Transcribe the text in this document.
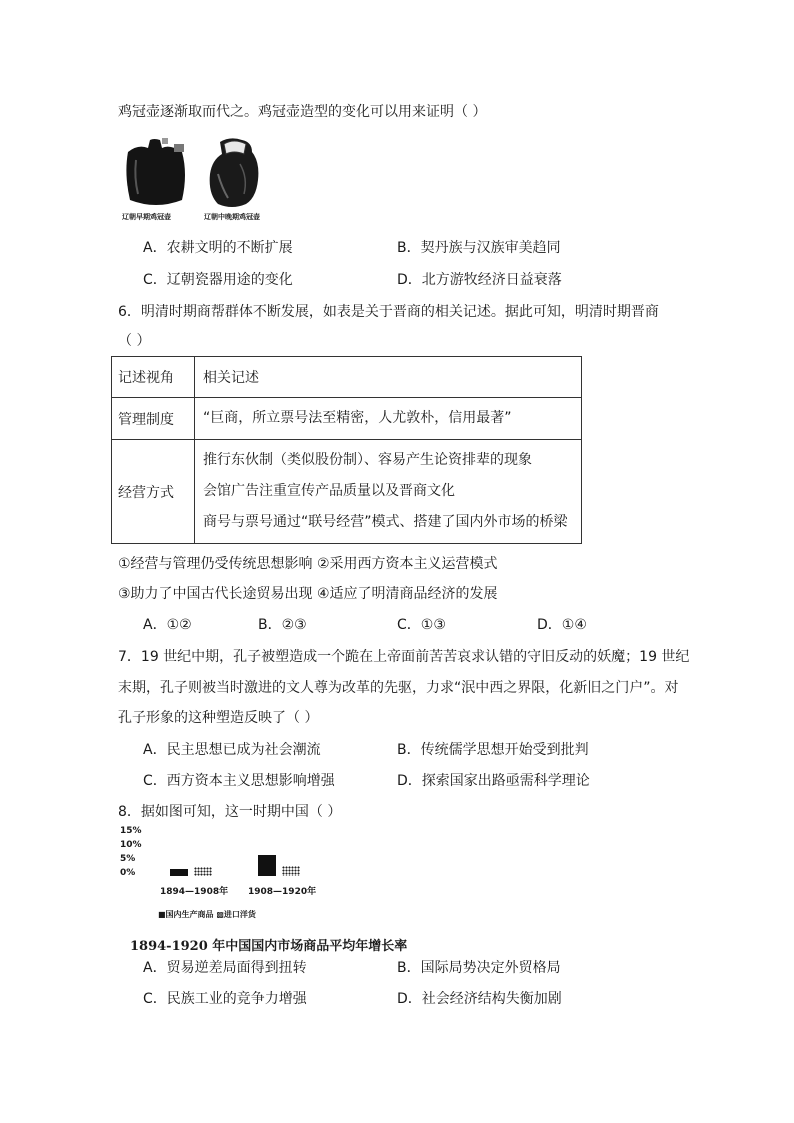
鸡冠壶逐渐取而代之。鸡冠壶造型的变化可以用来证明（ ）
辽朝早期鸡冠壶	辽朝中晚期鸡冠壶
A．农耕文明的不断扩展	B．契丹族与汉族审美趋同
C．辽朝瓷器用途的变化	D．北方游牧经济日益衰落
6．明清时期商帮群体不断发展，如表是关于晋商的相关记述。据此可知，明清时期晋商
（ ）
记述视角	相关记述
管理制度	“巨商，所立票号法至精密，人尤敦朴，信用最著”

经营方式	推行东伙制（类似股份制）、容易产生论资排辈的现象
会馆广告注重宣传产品质量以及晋商文化
商号与票号通过“联号经营”模式、搭建了国内外市场的桥梁
①经营与管理仍受传统思想影响 ②采用西方资本主义运营模式
③助力了中国古代长途贸易出现 ④适应了明清商品经济的发展
A．①②	B．②③	C．①③	D．①④
7．19 世纪中期，孔子被塑造成一个跪在上帝面前苦苦哀求认错的守旧反动的妖魔；19 世纪
末期，孔子则被当时激进的文人尊为改革的先驱，力求“泯中西之界限，化新旧之门户”。对
孔子形象的这种塑造反映了（ ）
A．民主思想已成为社会潮流	B．传统儒学思想开始受到批判
C．西方资本主义思想影响增强	D．探索国家出路亟需科学理论
8．据如图可知，这一时期中国（ ）
15%
10%
5%
0%
1894—1908年 1908—1920年
■国内生产商品 ▩进口洋货
1894-1920 年中国国内市场商品平均年增长率
A．贸易逆差局面得到扭转	B．国际局势决定外贸格局
C．民族工业的竞争力增强	D．社会经济结构失衡加剧
